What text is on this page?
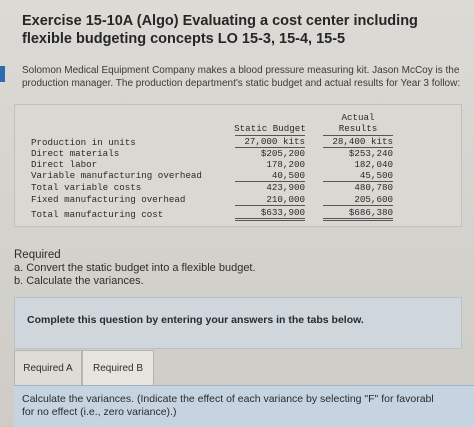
Exercise 15-10A (Algo) Evaluating a cost center including flexible budgeting concepts LO 15-3, 15-4, 15-5
Solomon Medical Equipment Company makes a blood pressure measuring kit. Jason McCoy is the production manager. The production department's static budget and actual results for Year 3 follow:
Static Budget
Actual
Results
Production in units	27,000 kits	28,400 kits
Direct materials	$205,200	$253,240
Direct labor	178,200	182,040
Variable manufacturing overhead	40,500	45,500
Total variable costs	423,900	480,780
Fixed manufacturing overhead	210,000	205,600
Total manufacturing cost	$633,900	$686,380
Required
a. Convert the static budget into a flexible budget.
b. Calculate the variances.
Complete this question by entering your answers in the tabs below.
Required A Required B
Calculate the variances. (Indicate the effect of each variance by selecting "F" for favorabl
for no effect (i.e., zero variance).)
